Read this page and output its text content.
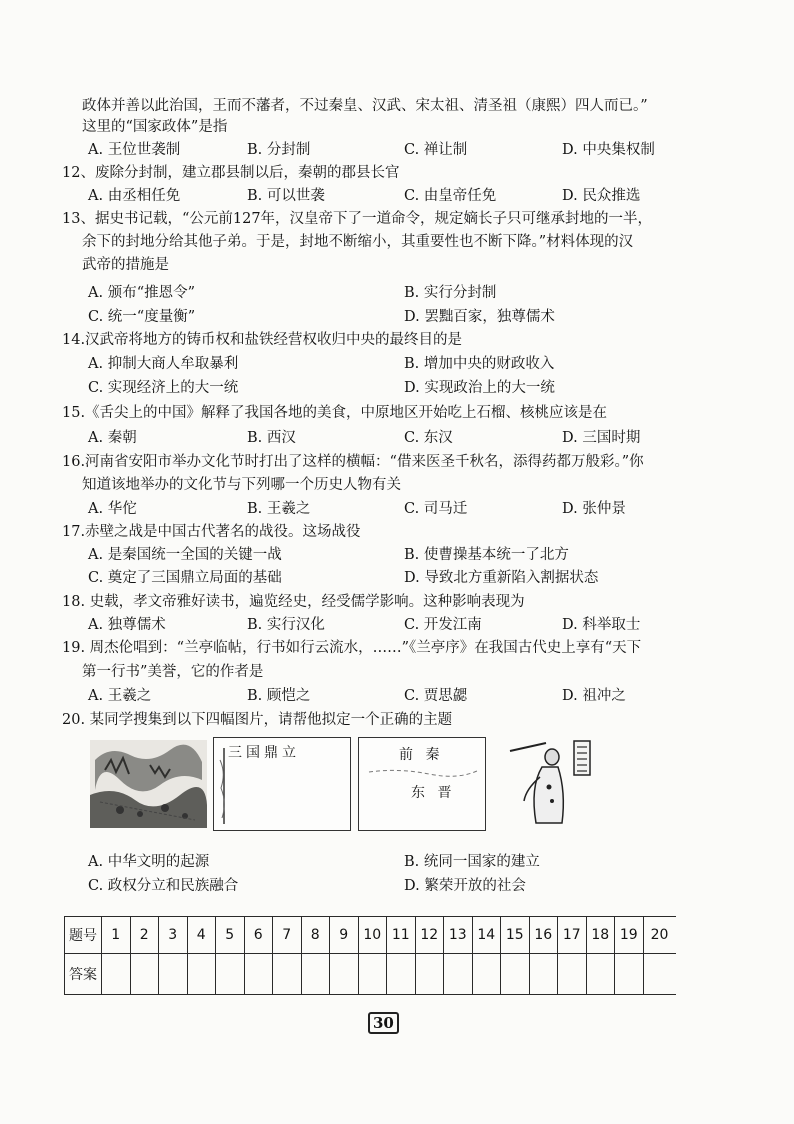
政体并善以此治国，王而不藩者，不过秦皇、汉武、宋太祖、清圣祖（康熙）四人而已。”
这里的“国家政体”是指
A. 王位世袭制	B. 分封制	C. 禅让制	D. 中央集权制
12、废除分封制，建立郡县制以后，秦朝的郡县长官
A. 由丞相任免	B. 可以世袭	C. 由皇帝任免	D. 民众推选
13、据史书记载，“公元前127年，汉皇帝下了一道命令，规定嫡长子只可继承封地的一半，
余下的封地分给其他子弟。于是，封地不断缩小，其重要性也不断下降。”材料体现的汉
武帝的措施是
A. 颁布“推恩令”	B. 实行分封制
C. 统一“度量衡”	D. 罢黜百家，独尊儒术
14.汉武帝将地方的铸币权和盐铁经营权收归中央的最终目的是
A. 抑制大商人牟取暴利	B. 增加中央的财政收入
C. 实现经济上的大一统	D. 实现政治上的大一统
15.《舌尖上的中国》解释了我国各地的美食，中原地区开始吃上石榴、核桃应该是在
A. 秦朝	B. 西汉	C. 东汉	D. 三国时期
16.河南省安阳市举办文化节时打出了这样的横幅：“借来医圣千秋名，添得药都万般彩。”你
知道该地举办的文化节与下列哪一个历史人物有关
A. 华佗	B. 王羲之	C. 司马迁	D. 张仲景
17.赤壁之战是中国古代著名的战役。这场战役
A. 是秦国统一全国的关键一战	B. 使曹操基本统一了北方
C. 奠定了三国鼎立局面的基础	D. 导致北方重新陷入割据状态
18. 史载，孝文帝雅好读书，遍览经史，经受儒学影响。这种影响表现为
A. 独尊儒术	B. 实行汉化	C. 开发江南	D. 科举取士
19. 周杰伦唱到：“兰亭临帖，行书如行云流水，……”《兰亭序》在我国古代史上享有“天下
第一行书”美誉，它的作者是
A. 王羲之	B. 顾恺之	C. 贾思勰	D. 祖冲之
20. 某同学搜集到以下四幅图片，请帮他拟定一个正确的主题
三国鼎立	前 秦
东 晋
A. 中华文明的起源	B. 统同一国家的建立
C. 政权分立和民族融合	D. 繁荣开放的社会
题号	1	2	3	4	5	6	7	8	9	10	11	12	13	14	15	16	17	18	19	20
答案																				
30
